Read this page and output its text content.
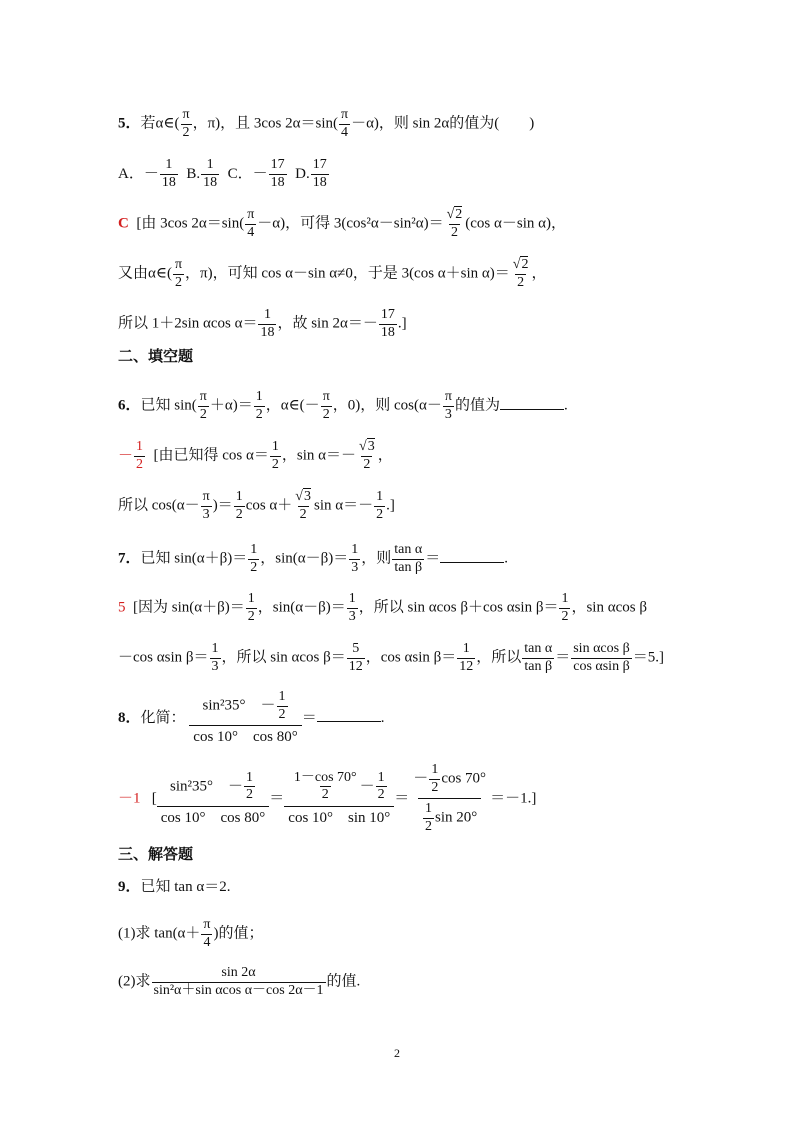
5．若α∈( $\frac{\pi}{2}$ ，π)，且 3cos $2\alpha=\sin( \frac{\pi}{4} -\alpha)$，则 sin 2α的值为(　　)
A．－ $\frac{1}{18} B$. $\frac{1}{18}$ C．－ $\frac{17}{18} D$. $\frac{17}{18}$
C [由 3cos $2\alpha=\sin( \frac{\pi}{4} -\alpha)$，可得 $3(\cos^2\alpha-\sin^2\alpha)= \frac{√2}{2} (\cos$ α－sin α)，
又由α∈( $\frac{\pi}{2}$ ，π)，可知 cos α－sin α≠0，于是 3(cos α＋sin $\alpha)= \frac{√2}{2}$ ，
所以 1＋2sin αcos $\alpha= \frac{1}{18}$ ，故 $\sin 2\alpha=- \frac{17}{18}$ .]
二、填空题
6．已知 $\sin( \frac{\pi}{2} +\alpha)= \frac{1}{2}$ ，α∈(－ $\frac{\pi}{2}$ ，0)，则 $\cos(\alpha- \frac{\pi}{3}$ 的值为	.
－ $\frac{1}{2}$ [由已知得 $\cos \alpha= \frac{1}{2}$ ，$\sin \alpha=- \frac{√3}{2}$ ，
所以 $\cos(\alpha- \frac{\pi}{3}$ )＝ $\frac{1}{2}$ $\cos \alpha+ \frac{√3}{2}$ $\sin \alpha=- \frac{1}{2}$ .]
7．已知 $\sin(\alpha+\beta)= \frac{1}{2}$ ，$\sin(\alpha-\beta)= \frac{1}{3}$ ，则 $\frac{\text{tan α}}{\text{tan β}}$ ＝	.
5 [因为 $\sin(\alpha+\beta)= \frac{1}{2}$ ，$\sin(\alpha-\beta)= \frac{1}{3}$ ，所以 sin αcos β＋cos αsin $\beta= \frac{1}{2}$ ，sin αcos β
－cos αsin $\beta= \frac{1}{3}$ ，所以 sin αcos $\beta= \frac{5}{12}$ ，cos αsin $\beta= \frac{1}{12}$ ，所以 $\frac{\text{tan α}}{\text{tan β}} = \frac{\text{sin αcos β}}{\text{cos αsin β}} =5$.]
8．化简： $\frac{\sin^235^\circ - \frac{1}{2}}{\cos 10^\circ \cos 80^\circ}$ ＝	.
－1 [ $\frac{\sin^235^\circ - \frac{1}{2}}{\cos 10^\circ \cos 80^\circ} = \frac{\frac{1-\cos 70^\circ}{2} - \frac{1}{2}}{\cos 10^\circ \sin 10^\circ} = \frac{- \frac{1}{2} \cos 70^\circ}{\frac{1}{2} \sin 20^\circ} =-1$.]
三、解答题
9．已知 tan α＝2.
(1)求 $\tan(\alpha+ \frac{\pi}{4}$ )的值；
(2)求 $\frac{\sin 2\alpha}{\text{sin²α＋sin αcos α－cos 2α－1}}$ 的值.
2
